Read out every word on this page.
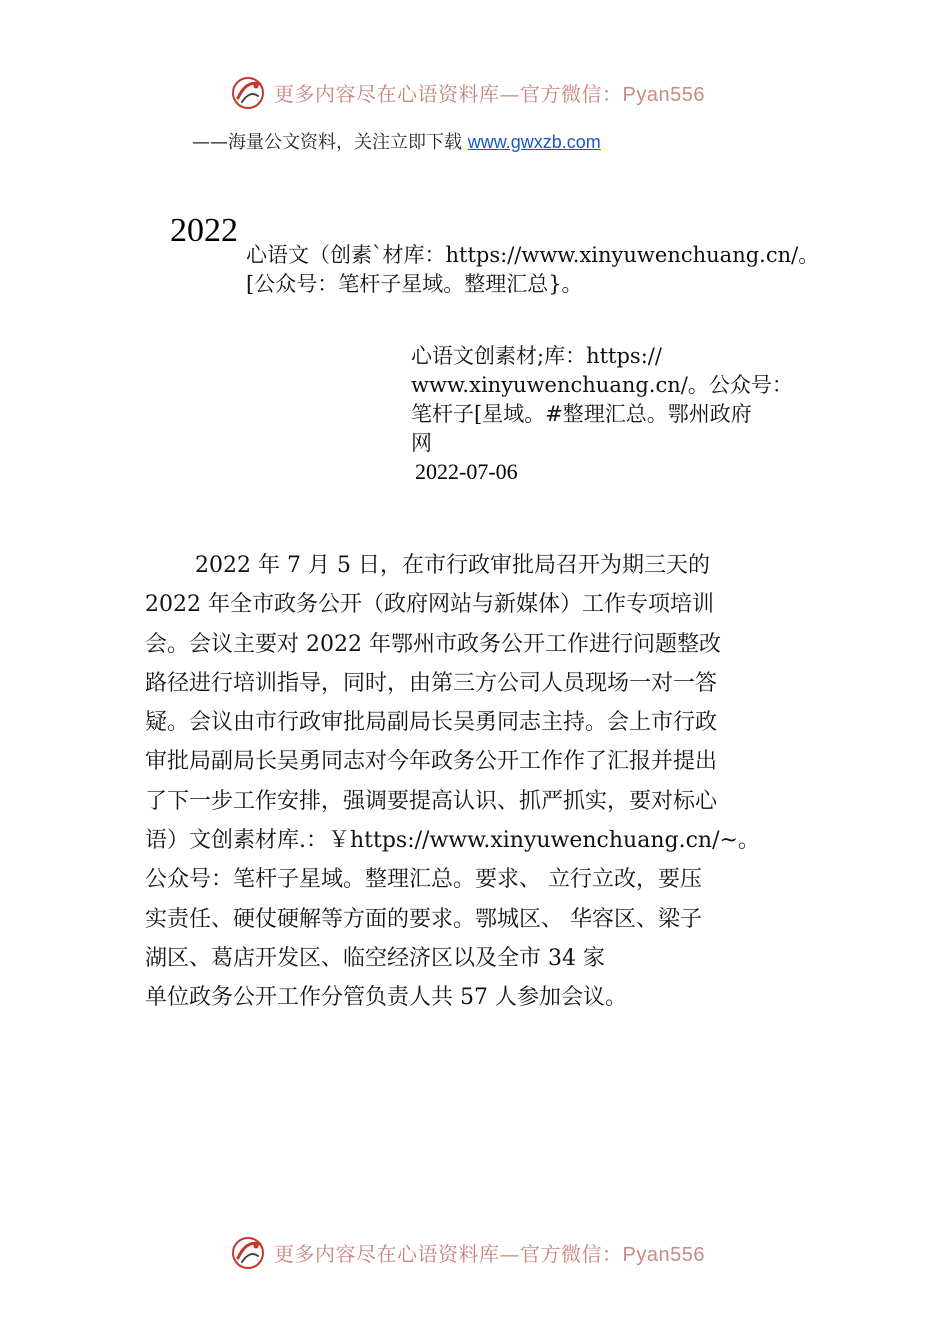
更多内容尽在心语资料库—官方微信：Pyan556
——海量公文资料，关注立即下载 www.gwxzb.com
2022
心语文（创素`材库：https://www.xinyuwenchuang.cn/。[公众号：笔杆子星域。整理汇总}。
心语文创素材;库：https://
www.xinyuwenchuang.cn/。公众号：
笔杆子[星域。#整理汇总。鄂州政府
网
2022-07-06
2022 年 7 月 5 日，在市行政审批局召开为期三天的
2022 年全市政务公开（政府网站与新媒体）工作专项培训
会。会议主要对 2022 年鄂州市政务公开工作进行问题整改
路径进行培训指导，同时，由第三方公司人员现场一对一答
疑。会议由市行政审批局副局长吴勇同志主持。会上市行政
审批局副局长吴勇同志对今年政务公开工作作了汇报并提出
了下一步工作安排，强调要提高认识、抓严抓实，要对标心
语）文创素材库.：￥https://www.xinyuwenchuang.cn/~。
公众号：笔杆子星域。整理汇总。要求、 立行立改，要压
实责任、硬仗硬解等方面的要求。鄂城区、 华容区、梁子
湖区、葛店开发区、临空经济区以及全市 34 家
单位政务公开工作分管负责人共 57 人参加会议。
更多内容尽在心语资料库—官方微信：Pyan556
